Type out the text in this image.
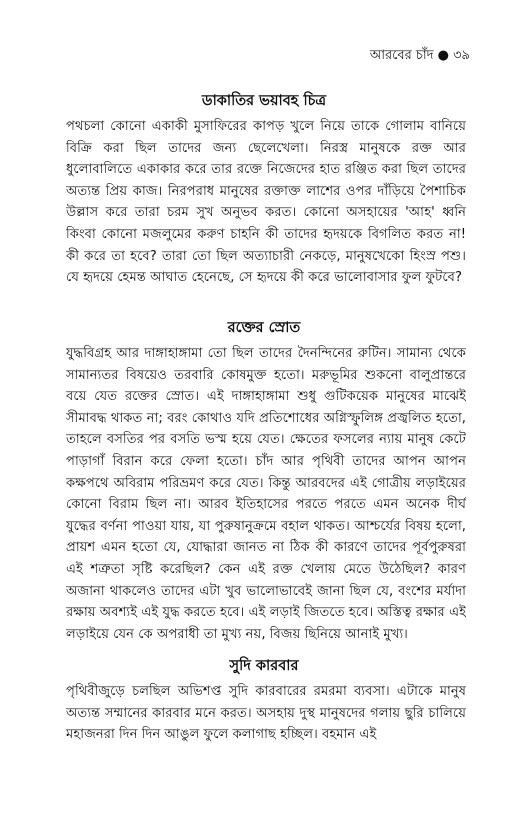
আরবের চাঁদ ● ৩৯
ডাকাতির ভয়াবহ চিত্র

পথচলা কোনো একাকী মুসাফিরের কাপড় খুলে নিয়ে তাকে গোলাম বানিয়ে বিক্রি করা ছিল তাদের জন্য ছেলেখেলা। নিরস্ত্র মানুষকে রক্ত আর ধুলোবালিতে একাকার করে তার রক্তে নিজেদের হাত রঞ্জিত করা ছিল তাদের অত্যন্ত প্রিয় কাজ। নিরপরাধ মানুষের রক্তাক্ত লাশের ওপর দাঁড়িয়ে পৈশাচিক উল্লাস করে তারা চরম সুখ অনুভব করত। কোনো অসহায়ের 'আহ' ধ্বনি কিংবা কোনো মজলুমের করুণ চাহনি কী তাদের হৃদয়কে বিগলিত করত না! কী করে তা হবে? তারা তো ছিল অত্যাচারী নেকড়ে, মানুষখেকো হিংস্র পশু। যে হৃদয়ে হেমন্ত আঘাত হেনেছে, সে হৃদয়ে কী করে ভালোবাসার ফুল ফুটবে?

রক্তের স্রোত

যুদ্ধবিগ্রহ আর দাঙ্গাহাঙ্গামা তো ছিল তাদের দৈনন্দিনের রুটিন। সামান্য থেকে সামান্যতর বিষয়েও তরবারি কোষমুক্ত হতো। মরুভূমির শুকনো বালুপ্রান্তরে বয়ে যেত রক্তের স্রোত। এই দাঙ্গাহাঙ্গামা শুধু গুটিকয়েক মানুষের মাঝেই সীমাবদ্ধ থাকত না; বরং কোথাও যদি প্রতিশোধের অগ্নিস্ফুলিঙ্গ প্রজ্বলিত হতো, তাহলে বসতির পর বসতি ভস্ম হয়ে যেত। ক্ষেতের ফসলের ন্যায় মানুষ কেটে পাড়াগাঁ বিরান করে ফেলা হতো। চাঁদ আর পৃথিবী তাদের আপন আপন কক্ষপথে অবিরাম পরিভ্রমণ করে যেত। কিন্তু আরবদের এই গোত্রীয় লড়াইয়ের কোনো বিরাম ছিল না। আরব ইতিহাসের পরতে পরতে এমন অনেক দীর্ঘ যুদ্ধের বর্ণনা পাওয়া যায়, যা পুরুষানুক্রমে বহাল থাকত। আশ্চর্যের বিষয় হলো, প্রায়শ এমন হতো যে, যোদ্ধারা জানত না ঠিক কী কারণে তাদের পূর্বপুরুষরা এই শত্রুতা সৃষ্টি করেছিল? কেন এই রক্ত খেলায় মেতে উঠেছিল? কারণ অজানা থাকলেও তাদের এটা খুব ভালোভাবেই জানা ছিল যে, বংশের মর্যাদা রক্ষায় অবশ্যই এই যুদ্ধ করতে হবে। এই লড়াই জিততে হবে। অস্তিত্ব রক্ষার এই লড়াইয়ে যেন কে অপরাধী তা মুখ্য নয়, বিজয় ছিনিয়ে আনাই মুখ্য।

সুদি কারবার

পৃথিবীজুড়ে চলছিল অভিশপ্ত সুদি কারবারের রমরমা ব্যবসা। এটাকে মানুষ অত্যন্ত সম্মানের কারবার মনে করত। অসহায় দুস্থ মানুষদের গলায় ছুরি চালিয়ে মহাজনরা দিন দিন আঙুল ফুলে কলাগাছ হচ্ছিল। বহমান এই
